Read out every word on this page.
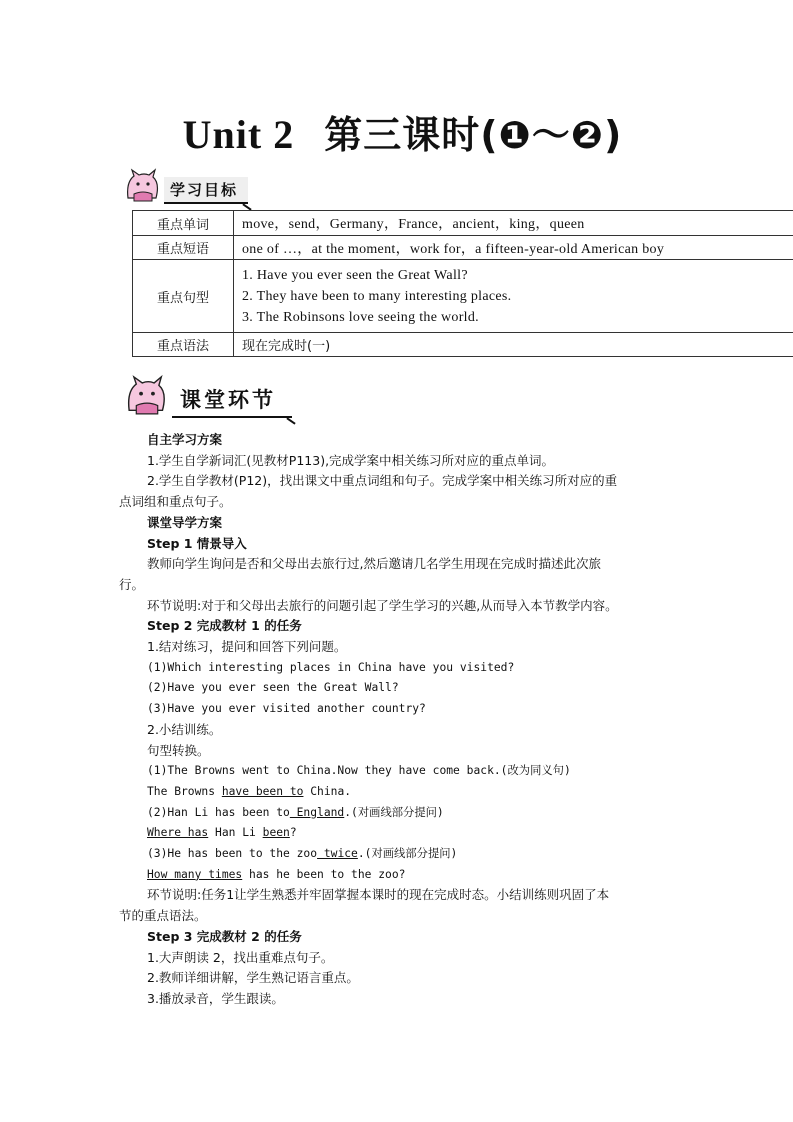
Unit 2 第三课时(❶～❷)
学习目标
重点单词	move，send，Germany，France，ancient，king，queen
重点短语	one of …，at the moment，work for，a fifteen-year-old American boy
重点句型	1. Have you ever seen the Great Wall?
2. They have been to many interesting places.
3. The Robinsons love seeing the world.

重点语法	现在完成时(一)
课堂环节

自主学习方案

1.学生自学新词汇(见教材P113),完成学案中相关练习所对应的重点单词。

2.学生自学教材(P12)，找出课文中重点词组和句子。完成学案中相关练习所对应的重

点词组和重点句子。

课堂导学方案

Step 1 情景导入

教师向学生询问是否和父母出去旅行过,然后邀请几名学生用现在完成时描述此次旅

行。

环节说明:对于和父母出去旅行的问题引起了学生学习的兴趣,从而导入本节教学内容。

Step 2 完成教材 1 的任务

1.结对练习，提问和回答下列问题。

(1)Which interesting places in China have you visited?

(2)Have you ever seen the Great Wall?

(3)Have you ever visited another country?

2.小结训练。

句型转换。

(1)The Browns went to China.Now they have come back.(改为同义句)

The Browns have been to China.

(2)Han Li has been to England.(对画线部分提问)

Where has Han Li been?

(3)He has been to the zoo twice.(对画线部分提问)

How many times has he been to the zoo?

环节说明:任务1让学生熟悉并牢固掌握本课时的现在完成时态。小结训练则巩固了本

节的重点语法。

Step 3 完成教材 2 的任务

1.大声朗读 2，找出重难点句子。

2.教师详细讲解，学生熟记语言重点。

3.播放录音，学生跟读。
